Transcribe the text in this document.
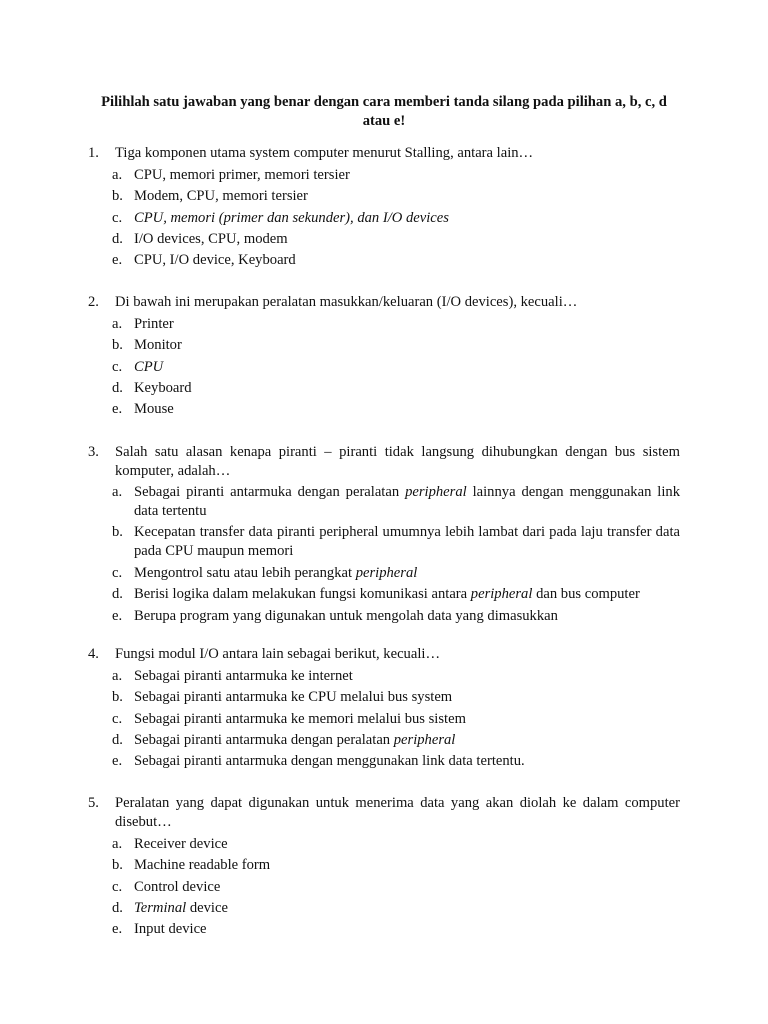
Pilihlah satu jawaban yang benar dengan cara memberi tanda silang pada pilihan a, b, c, d atau e!
1. Tiga komponen utama system computer menurut Stalling, antara lain…
a. CPU, memori primer, memori tersier
b. Modem, CPU, memori tersier
c. CPU, memori (primer dan sekunder), dan I/O devices
d. I/O devices, CPU, modem
e. CPU, I/O device, Keyboard
2. Di bawah ini merupakan peralatan masukkan/keluaran (I/O devices), kecuali…
a. Printer
b. Monitor
c. CPU
d. Keyboard
e. Mouse
3. Salah satu alasan kenapa piranti – piranti tidak langsung dihubungkan dengan bus sistem komputer, adalah…
a. Sebagai piranti antarmuka dengan peralatan peripheral lainnya dengan menggunakan link data tertentu
b. Kecepatan transfer data piranti peripheral umumnya lebih lambat dari pada laju transfer data pada CPU maupun memori
c. Mengontrol satu atau lebih perangkat peripheral
d. Berisi logika dalam melakukan fungsi komunikasi antara peripheral dan bus computer
e. Berupa program yang digunakan untuk mengolah data yang dimasukkan
4. Fungsi modul I/O antara lain sebagai berikut, kecuali…
a. Sebagai piranti antarmuka ke internet
b. Sebagai piranti antarmuka ke CPU melalui bus system
c. Sebagai piranti antarmuka ke memori melalui bus sistem
d. Sebagai piranti antarmuka dengan peralatan peripheral
e. Sebagai piranti antarmuka dengan menggunakan link data tertentu.
5. Peralatan yang dapat digunakan untuk menerima data yang akan diolah ke dalam computer disebut…
a. Receiver device
b. Machine readable form
c. Control device
d. Terminal device
e. Input device
